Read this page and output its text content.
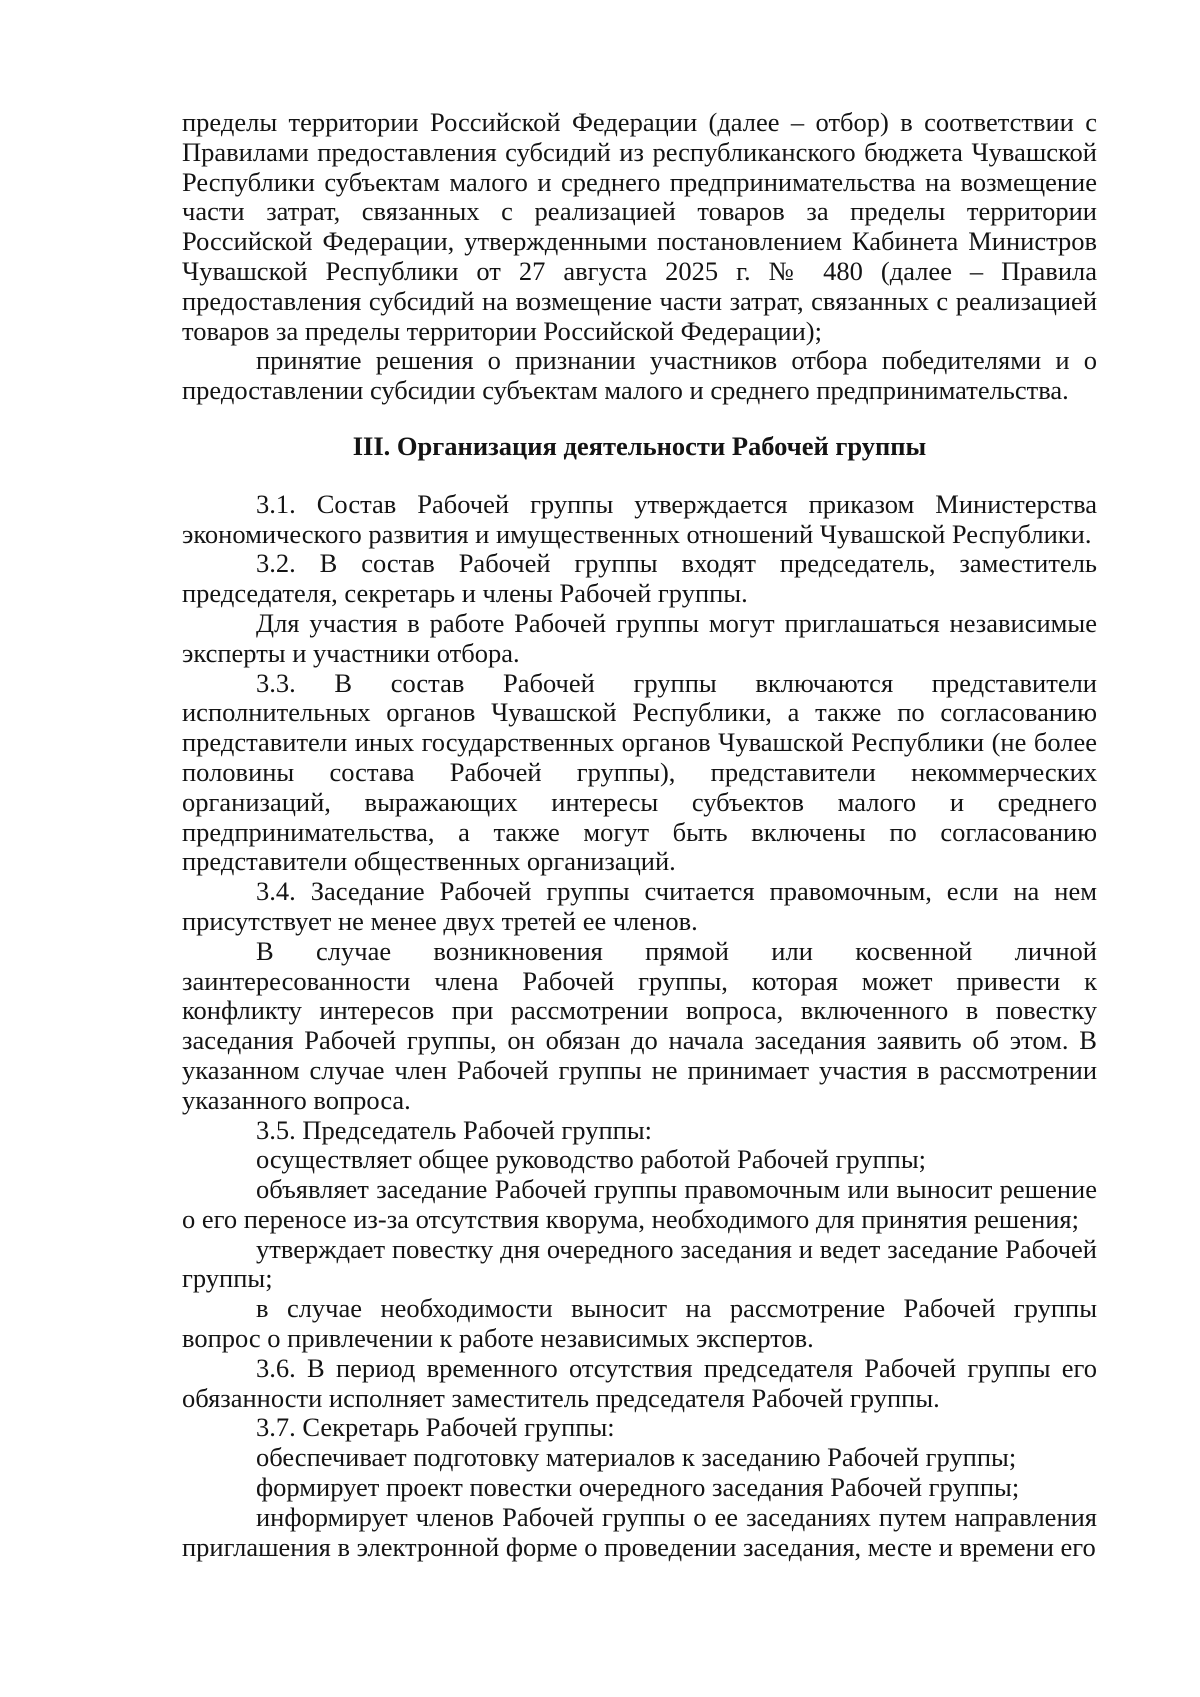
пределы территории Российской Федерации (далее – отбор) в соответствии с Правилами предоставления субсидий из республиканского бюджета Чувашской Республики субъектам малого и среднего предпринимательства на возмещение части затрат, связанных с реализацией товаров за пределы территории Российской Федерации, утвержденными постановлением Кабинета Министров Чувашской Республики от 27 августа 2025 г. № 480 (далее – Правила предоставления субсидий на возмещение части затрат, связанных с реализацией товаров за пределы территории Российской Федерации);

принятие решения о признании участников отбора победителями и о предоставлении субсидии субъектам малого и среднего предпринимательства.

III. Организация деятельности Рабочей группы

3.1. Состав Рабочей группы утверждается приказом Министерства экономического развития и имущественных отношений Чувашской Республики.

3.2. В состав Рабочей группы входят председатель, заместитель председателя, секретарь и члены Рабочей группы.

Для участия в работе Рабочей группы могут приглашаться независимые эксперты и участники отбора.

3.3. В состав Рабочей группы включаются представители исполнительных органов Чувашской Республики, а также по согласованию представители иных государственных органов Чувашской Республики (не более половины состава Рабочей группы), представители некоммерческих организаций, выражающих интересы субъектов малого и среднего предпринимательства, а также могут быть включены по согласованию представители общественных организаций.

3.4. Заседание Рабочей группы считается правомочным, если на нем присутствует не менее двух третей ее членов.

В случае возникновения прямой или косвенной личной заинтересованности члена Рабочей группы, которая может привести к конфликту интересов при рассмотрении вопроса, включенного в повестку заседания Рабочей группы, он обязан до начала заседания заявить об этом. В указанном случае член Рабочей группы не принимает участия в рассмотрении указанного вопроса.

3.5. Председатель Рабочей группы:

осуществляет общее руководство работой Рабочей группы;

объявляет заседание Рабочей группы правомочным или выносит решение о его переносе из-за отсутствия кворума, необходимого для принятия решения;

утверждает повестку дня очередного заседания и ведет заседание Рабочей группы;

в случае необходимости выносит на рассмотрение Рабочей группы вопрос о привлечении к работе независимых экспертов.

3.6. В период временного отсутствия председателя Рабочей группы его обязанности исполняет заместитель председателя Рабочей группы.

3.7. Секретарь Рабочей группы:

обеспечивает подготовку материалов к заседанию Рабочей группы;

формирует проект повестки очередного заседания Рабочей группы;

информирует членов Рабочей группы о ее заседаниях путем направления приглашения в электронной форме о проведении заседания, месте и времени его
